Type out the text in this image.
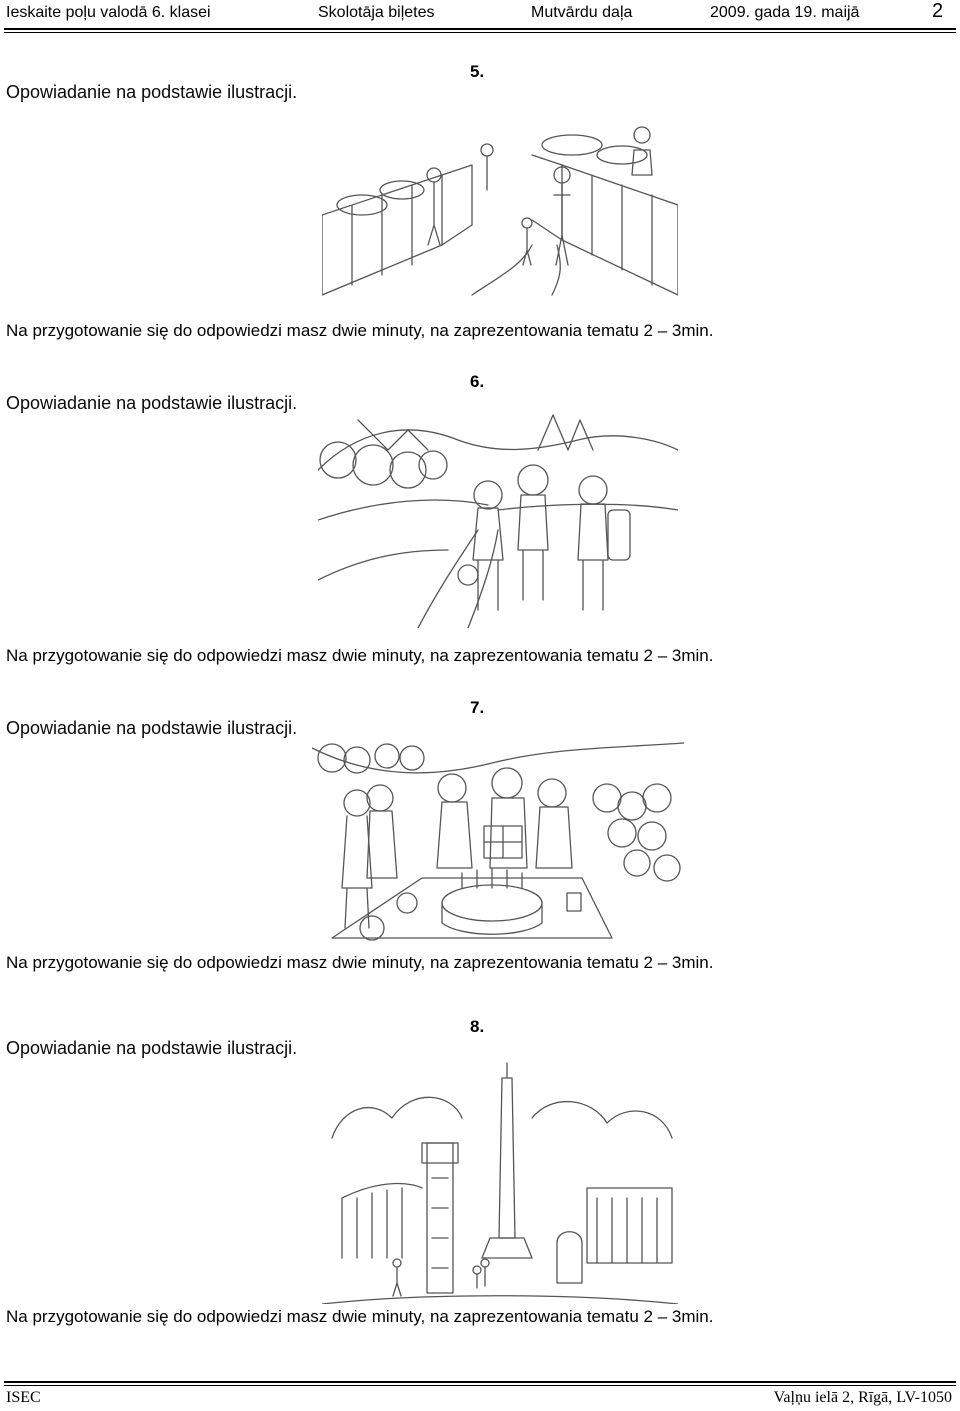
Ieskaite poļu valodā 6. klasei	Skolotāja biļetes	Mutvārdu daļa	2009. gada 19. maijā	2
Opowiadanie na podstawie ilustracji.
5.
Na przygotowanie się do odpowiedzi masz dwie minuty, na zaprezentowania tematu 2 – 3min.
Opowiadanie na podstawie ilustracji.
6.
Na przygotowanie się do odpowiedzi masz dwie minuty, na zaprezentowania tematu 2 – 3min.
Opowiadanie na podstawie ilustracji.
7.
Na przygotowanie się do odpowiedzi masz dwie minuty, na zaprezentowania tematu 2 – 3min.
Opowiadanie na podstawie ilustracji.
8.
Na przygotowanie się do odpowiedzi masz dwie minuty, na zaprezentowania tematu 2 – 3min.
ISEC	Vaļņu ielā 2, Rīgā, LV-1050
